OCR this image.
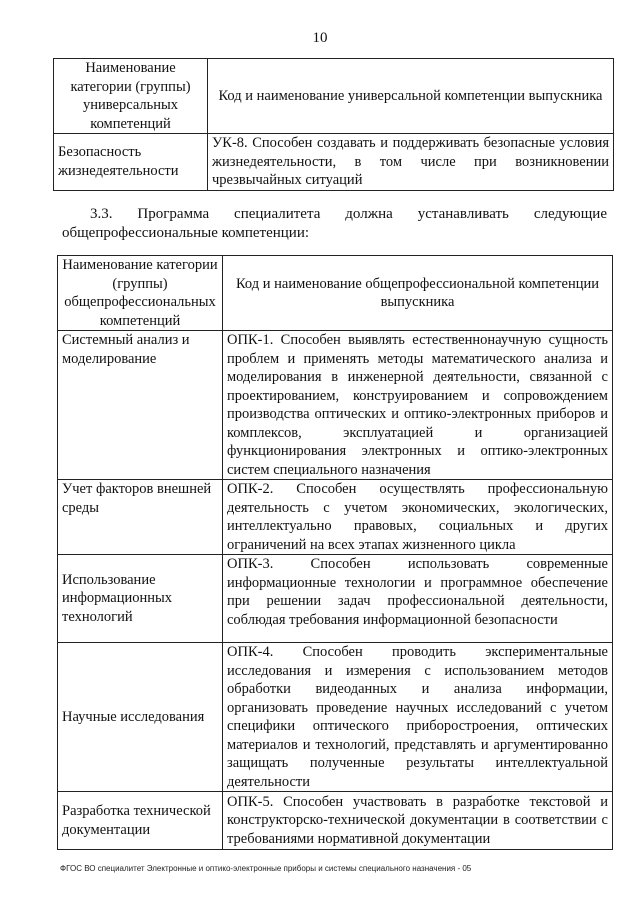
10
Наименование категории (группы) универсальных компетенций	Код и наименование универсальной компетенции выпускника
Безопасность жизнедеятельности	УК-8. Способен создавать и поддерживать безопасные условия жизнедеятельности, в том числе при возникновении чрезвычайных ситуаций
3.3. Программа специалитета должна устанавливать следующие общепрофессиональные компетенции:
Наименование категории (группы) общепрофессиональных компетенций	Код и наименование общепрофессиональной компетенции выпускника
Системный анализ и моделирование	ОПК-1. Способен выявлять естественнонаучную сущность проблем и применять методы математического анализа и моделирования в инженерной деятельности, связанной с проектированием, конструированием и сопровождением производства оптических и оптико-электронных приборов и комплексов, эксплуатацией и организацией функционирования электронных и оптико-электронных систем специального назначения
Учет факторов внешней среды	ОПК-2. Способен осуществлять профессиональную деятельность с учетом экономических, экологических, интеллектуально правовых, социальных и других ограничений на всех этапах жизненного цикла
Использование информационных технологий	ОПК-3. Способен использовать современные информационные технологии и программное обеспечение при решении задач профессиональной деятельности, соблюдая требования информационной безопасности
Научные исследования	ОПК-4. Способен проводить экспериментальные исследования и измерения с использованием методов обработки видеоданных и анализа информации, организовать проведение научных исследований с учетом специфики оптического приборостроения, оптических материалов и технологий, представлять и аргументированно защищать полученные результаты интеллектуальной деятельности
Разработка технической документации	ОПК-5. Способен участвовать в разработке текстовой и конструкторско-технической документации в соответствии с требованиями нормативной документации
ФГОС ВО специалитет Электронные и оптико-электронные приборы и системы специального назначения - 05
